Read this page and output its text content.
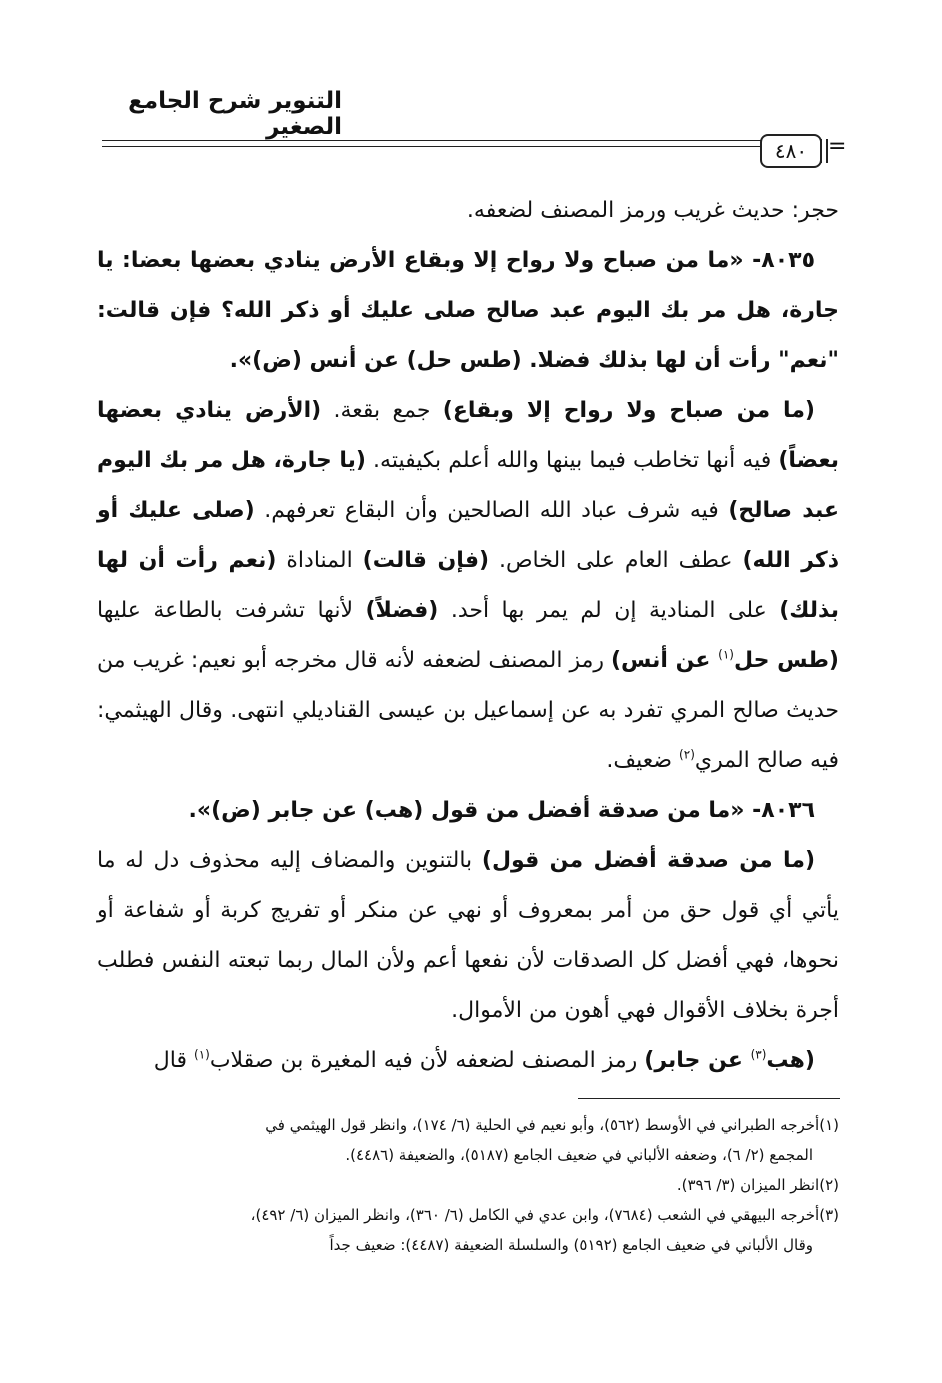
التنوير شرح الجامع الصغير
٤٨٠ =

حجر: حديث غريب ورمز المصنف لضعفه.

٨٠٣٥- «ما من صباح ولا رواح إلا وبقاع الأرض ينادي بعضها بعضا: يا جارة، هل مر بك اليوم عبد صالح صلى عليك أو ذكر الله؟ فإن قالت: "نعم" رأت أن لها بذلك فضلا. (طس حل) عن أنس (ض)».

(ما من صباح ولا رواح إلا وبقاع) جمع بقعة. (الأرض ينادي بعضها بعضاً) فيه أنها تخاطب فيما بينها والله أعلم بكيفيته. (يا جارة، هل مر بك اليوم عبد صالح) فيه شرف عباد الله الصالحين وأن البقاع تعرفهم. (صلى عليك أو ذكر الله) عطف العام على الخاص. (فإن قالت) المناداة (نعم رأت أن لها بذلك) على المنادية إن لم يمر بها أحد. (فضلاً) لأنها تشرفت بالطاعة عليها (طس حل$^{(١)}$ عن أنس) رمز المصنف لضعفه لأنه قال مخرجه أبو نعيم: غريب من حديث صالح المري تفرد به عن إسماعيل بن عيسى القناديلي انتهى. وقال الهيثمي: فيه صالح المري$^{(٢)}$ ضعيف.

٨٠٣٦- «ما من صدقة أفضل من قول (هب) عن جابر (ض)».

(ما من صدقة أفضل من قول) بالتنوين والمضاف إليه محذوف دل له ما يأتي أي قول حق من أمر بمعروف أو نهي عن منكر أو تفريج كربة أو شفاعة أو نحوها، فهي أفضل كل الصدقات لأن نفعها أعم ولأن المال ربما تبعته النفس فطلب أجرة بخلاف الأقوال فهي أهون من الأموال.

(هب$^{(٣)}$ عن جابر) رمز المصنف لضعفه لأن فيه المغيرة بن صقلاب$^{(١)}$ قال

(١)أخرجه الطبراني في الأوسط (٥٦٢)، وأبو نعيم في الحلية (٦/ ١٧٤)، وانظر قول الهيثمي في

المجمع (٢/ ٦)، وضعفه الألباني في ضعيف الجامع (٥١٨٧)، والضعيفة (٤٤٨٦).

(٢)انظر الميزان (٣/ ٣٩٦).

(٣)أخرجه البيهقي في الشعب (٧٦٨٤)، وابن عدي في الكامل (٦/ ٣٦٠)، وانظر الميزان (٦/ ٤٩٢)،

وقال الألباني في ضعيف الجامع (٥١٩٢) والسلسلة الضعيفة (٤٤٨٧): ضعيف جداً
